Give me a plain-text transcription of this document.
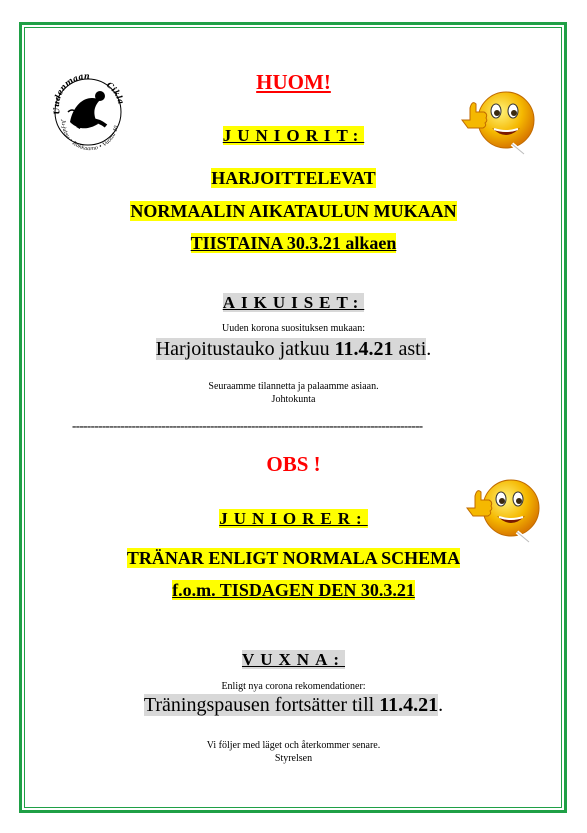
Uudenmaan
Cikla
Ju-jutsu • Rokkaamo • Vuotta 40
HUOM!
JUNIORIT:
HARJOITTELEVAT
NORMAALIN AIKATAULUN MUKAAN
TIISTAINA 30.3.21 alkaen
AIKUISET:
Uuden korona suosituksen mukaan:
Harjoitustauko jatkuu 11.4.21 asti.
Seuraamme tilannetta ja palaamme asiaan.
Johtokunta
----------------------------------------------------------------------------------------------
OBS !
JUNIORER:
TRÄNAR ENLIGT NORMALA SCHEMA
f.o.m. TISDAGEN DEN 30.3.21
VUXNA:
Enligt nya corona rekomendationer:
Träningspausen fortsätter till 11.4.21.
Vi följer med läget och återkommer senare.
Styrelsen
